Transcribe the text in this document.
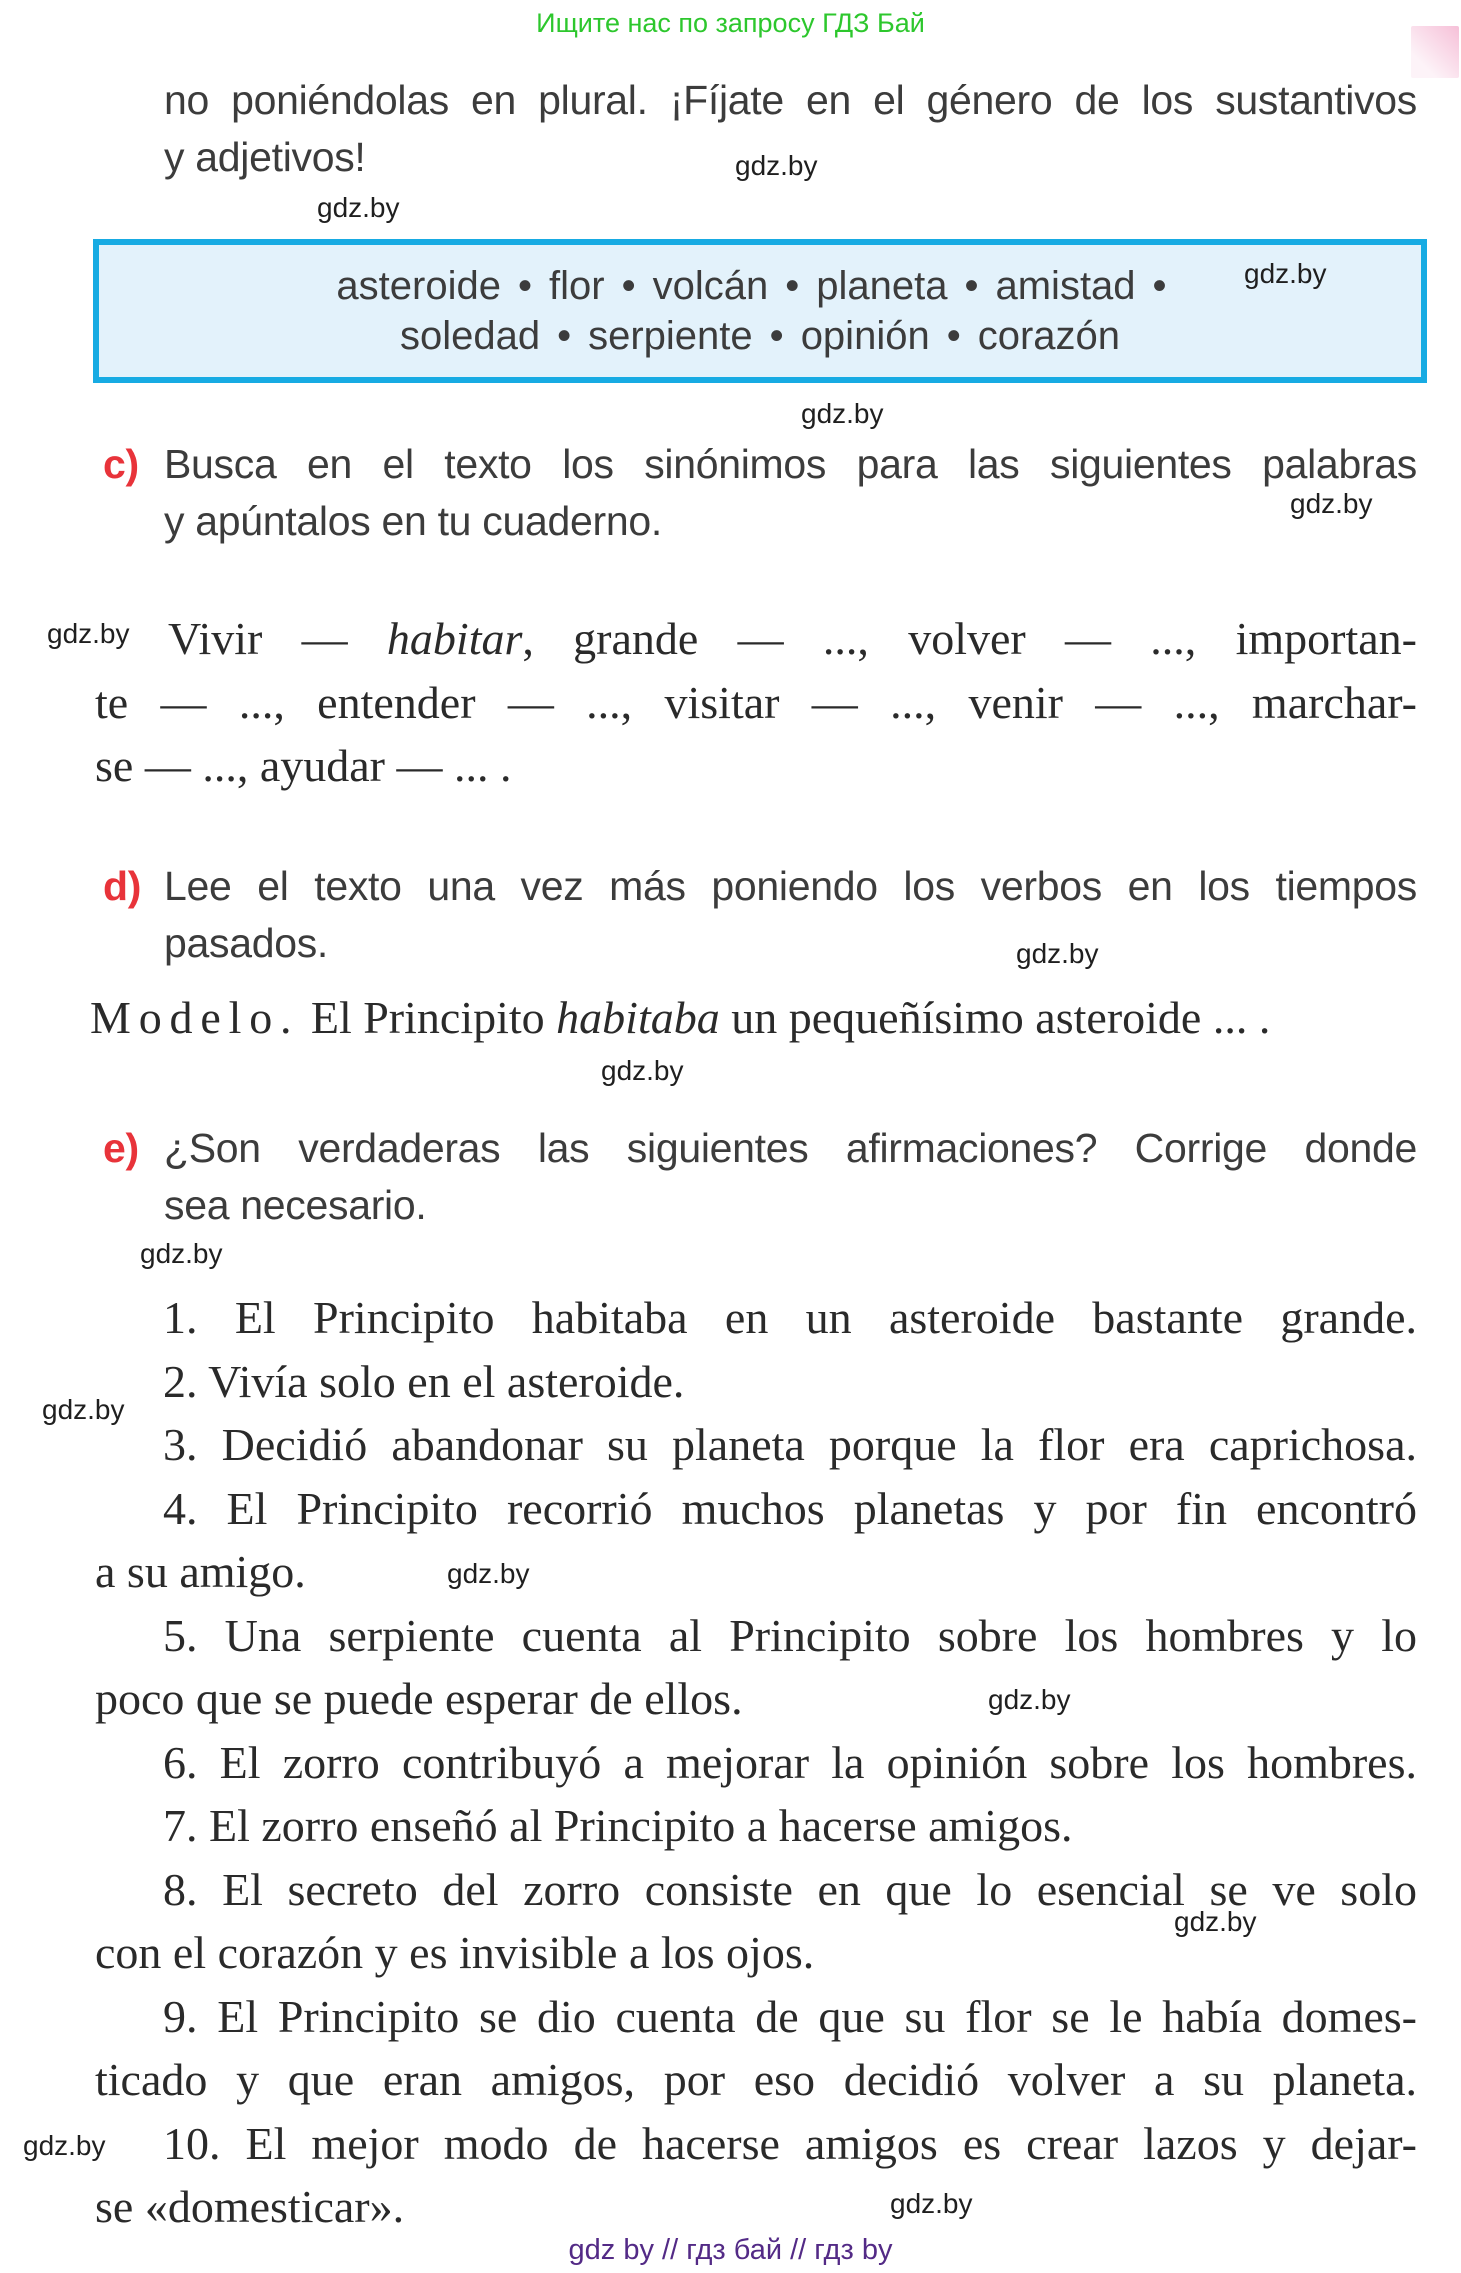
Ищите нас по запросу ГДЗ Бай
no poniéndolas en plural. ¡Fíjate en el género de los sustantivos
y adjetivos!
asteroide • flor • volcán • planeta • amistad •
soledad • serpiente • opinión • corazón
c) Busca en el texto los sinónimos para las siguientes palabras
y apúntalos en tu cuaderno.
Vivir — habitar, grande — ..., volver — ..., importan-
te — ..., entender — ..., visitar — ..., venir — ..., marchar-
se — ..., ayudar — ... .
d) Lee el texto una vez más poniendo los verbos en los tiempos
pasados.
Modelo. El Principito habitaba un pequeñísimo asteroide ... .
e) ¿Son verdaderas las siguientes afirmaciones? Corrige donde
sea necesario.
1. El Principito habitaba en un asteroide bastante grande.
2. Vivía solo en el asteroide.
3. Decidió abandonar su planeta porque la flor era caprichosa.
4. El Principito recorrió muchos planetas y por fin encontró
a su amigo.
5. Una serpiente cuenta al Principito sobre los hombres y lo
poco que se puede esperar de ellos.
6. El zorro contribuyó a mejorar la opinión sobre los hombres.
7. El zorro enseñó al Principito a hacerse amigos.
8. El secreto del zorro consiste en que lo esencial se ve solo
con el corazón y es invisible a los ojos.
9. El Principito se dio cuenta de que su flor se le había domes-
ticado y que eran amigos, por eso decidió volver a su planeta.
10. El mejor modo de hacerse amigos es crear lazos y dejar-
se «domesticar».
gdz.by
gdz.by
gdz.by
gdz.by
gdz.by
gdz.by
gdz.by
gdz.by
gdz.by
gdz.by
gdz.by
gdz.by
gdz.by
gdz.by
gdz.by
gdz by // гдз бай // гдз by
